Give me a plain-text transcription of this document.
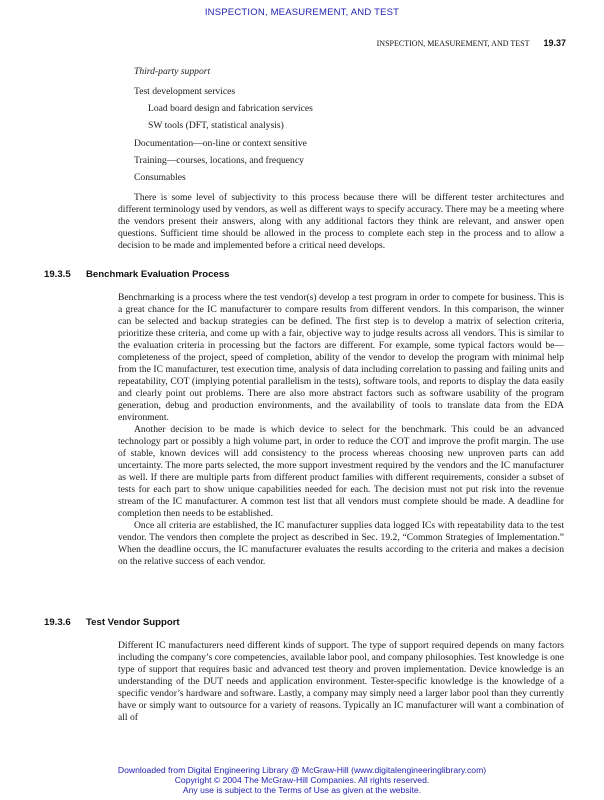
INSPECTION, MEASUREMENT, AND TEST
INSPECTION, MEASUREMENT, AND TEST 19.37
Third-party support
Test development services
Load board design and fabrication services
SW tools (DFT, statistical analysis)
Documentation—on-line or context sensitive
Training—courses, locations, and frequency
Consumables

There is some level of subjectivity to this process because there will be different tester architectures and different terminology used by vendors, as well as different ways to specify accuracy. There may be a meeting where the vendors present their answers, along with any additional factors they think are relevant, and answer open questions. Sufficient time should be allowed in the process to complete each step in the process and to allow a decision to be made and implemented before a critical need develops.

19.3.5 Benchmark Evaluation Process

Benchmarking is a process where the test vendor(s) develop a test program in order to compete for business. This is a great chance for the IC manufacturer to compare results from different vendors. In this comparison, the winner can be selected and backup strategies can be defined. The first step is to develop a matrix of selection criteria, prioritize these criteria, and come up with a fair, objective way to judge results across all vendors. This is similar to the evaluation criteria in processing but the factors are different. For example, some typical factors would be—completeness of the project, speed of completion, ability of the vendor to develop the program with minimal help from the IC manufacturer, test execution time, analysis of data including correlation to passing and failing units and repeatability, COT (implying potential parallelism in the tests), software tools, and reports to display the data easily and clearly point out problems. There are also more abstract factors such as software usability of the program generation, debug and production environments, and the availability of tools to translate data from the EDA environment.

Another decision to be made is which device to select for the benchmark. This could be an advanced technology part or possibly a high volume part, in order to reduce the COT and improve the profit margin. The use of stable, known devices will add consistency to the process whereas choosing new unproven parts can add uncertainty. The more parts selected, the more support investment required by the vendors and the IC manufacturer as well. If there are multiple parts from different product families with different requirements, consider a subset of tests for each part to show unique capabilities needed for each. The decision must not put risk into the revenue stream of the IC manufacturer. A common test list that all vendors must complete should be made. A deadline for completion then needs to be established.

Once all criteria are established, the IC manufacturer supplies data logged ICs with repeatability data to the test vendor. The vendors then complete the project as described in Sec. 19.2, “Common Strategies of Implementation.” When the deadline occurs, the IC manufacturer evaluates the results according to the criteria and makes a decision on the relative success of each vendor.

19.3.6 Test Vendor Support

Different IC manufacturers need different kinds of support. The type of support required depends on many factors including the company’s core competencies, available labor pool, and company philosophies. Test knowledge is one type of support that requires basic and advanced test theory and proven implementation. Device knowledge is an understanding of the DUT needs and application environment. Tester-specific knowledge is the knowledge of a specific vendor’s hardware and software. Lastly, a company may simply need a larger labor pool than they currently have or simply want to outsource for a variety of reasons. Typically an IC manufacturer will want a combination of all of

Downloaded from Digital Engineering Library @ McGraw-Hill (www.digitalengineeringlibrary.com)
Copyright © 2004 The McGraw-Hill Companies. All rights reserved.
Any use is subject to the Terms of Use as given at the website.
